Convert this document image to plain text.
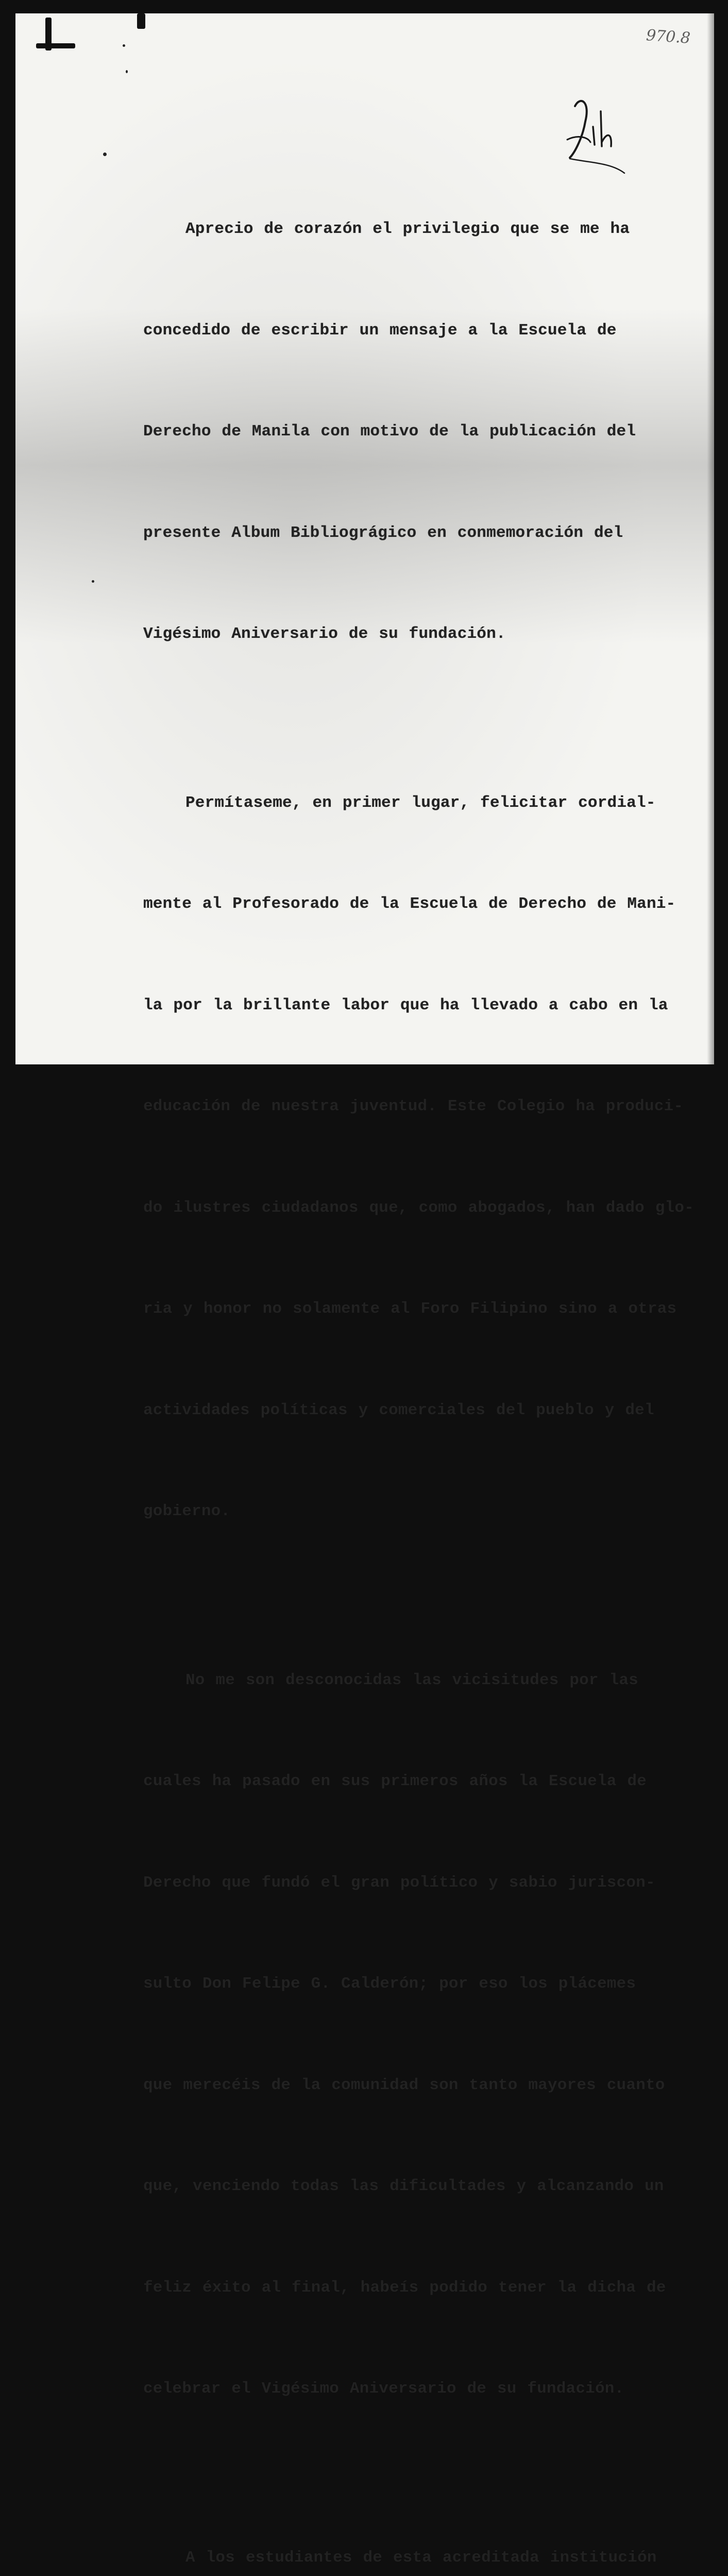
970.8

Aprecio de corazón el privilegio que se me ha

concedido de escribir un mensaje a la Escuela de

Derecho de Manila con motivo de la publicación del

presente Album Bibliográgico en conmemoración del

Vigésimo Aniversario de su fundación.

Permítaseme, en primer lugar, felicitar cordial-

mente al Profesorado de la Escuela de Derecho de Mani-

la por la brillante labor que ha llevado a cabo en la

educación de nuestra juventud. Este Colegio ha produci-

do ilustres ciudadanos que, como abogados, han dado glo-

ria y honor no solamente al Foro Filipino sino a otras

actividades políticas y comerciales del pueblo y del

gobierno.

No me son desconocidas las vicisitudes por las

cuales ha pasado en sus primeros años la Escuela de

Derecho que fundó el gran político y sabio juriscon-

sulto Don Felipe G. Calderón; por eso los plácemes

que merecéis de la comunidad son tanto mayores cuanto

que, venciendo todas las dificultades y alcanzando un

feliz éxito al final, habeís podido tener la dicha de

celebrar el Vigésimo Aniversario de su fundación.

A los estudiantes de esta acreditada institución
